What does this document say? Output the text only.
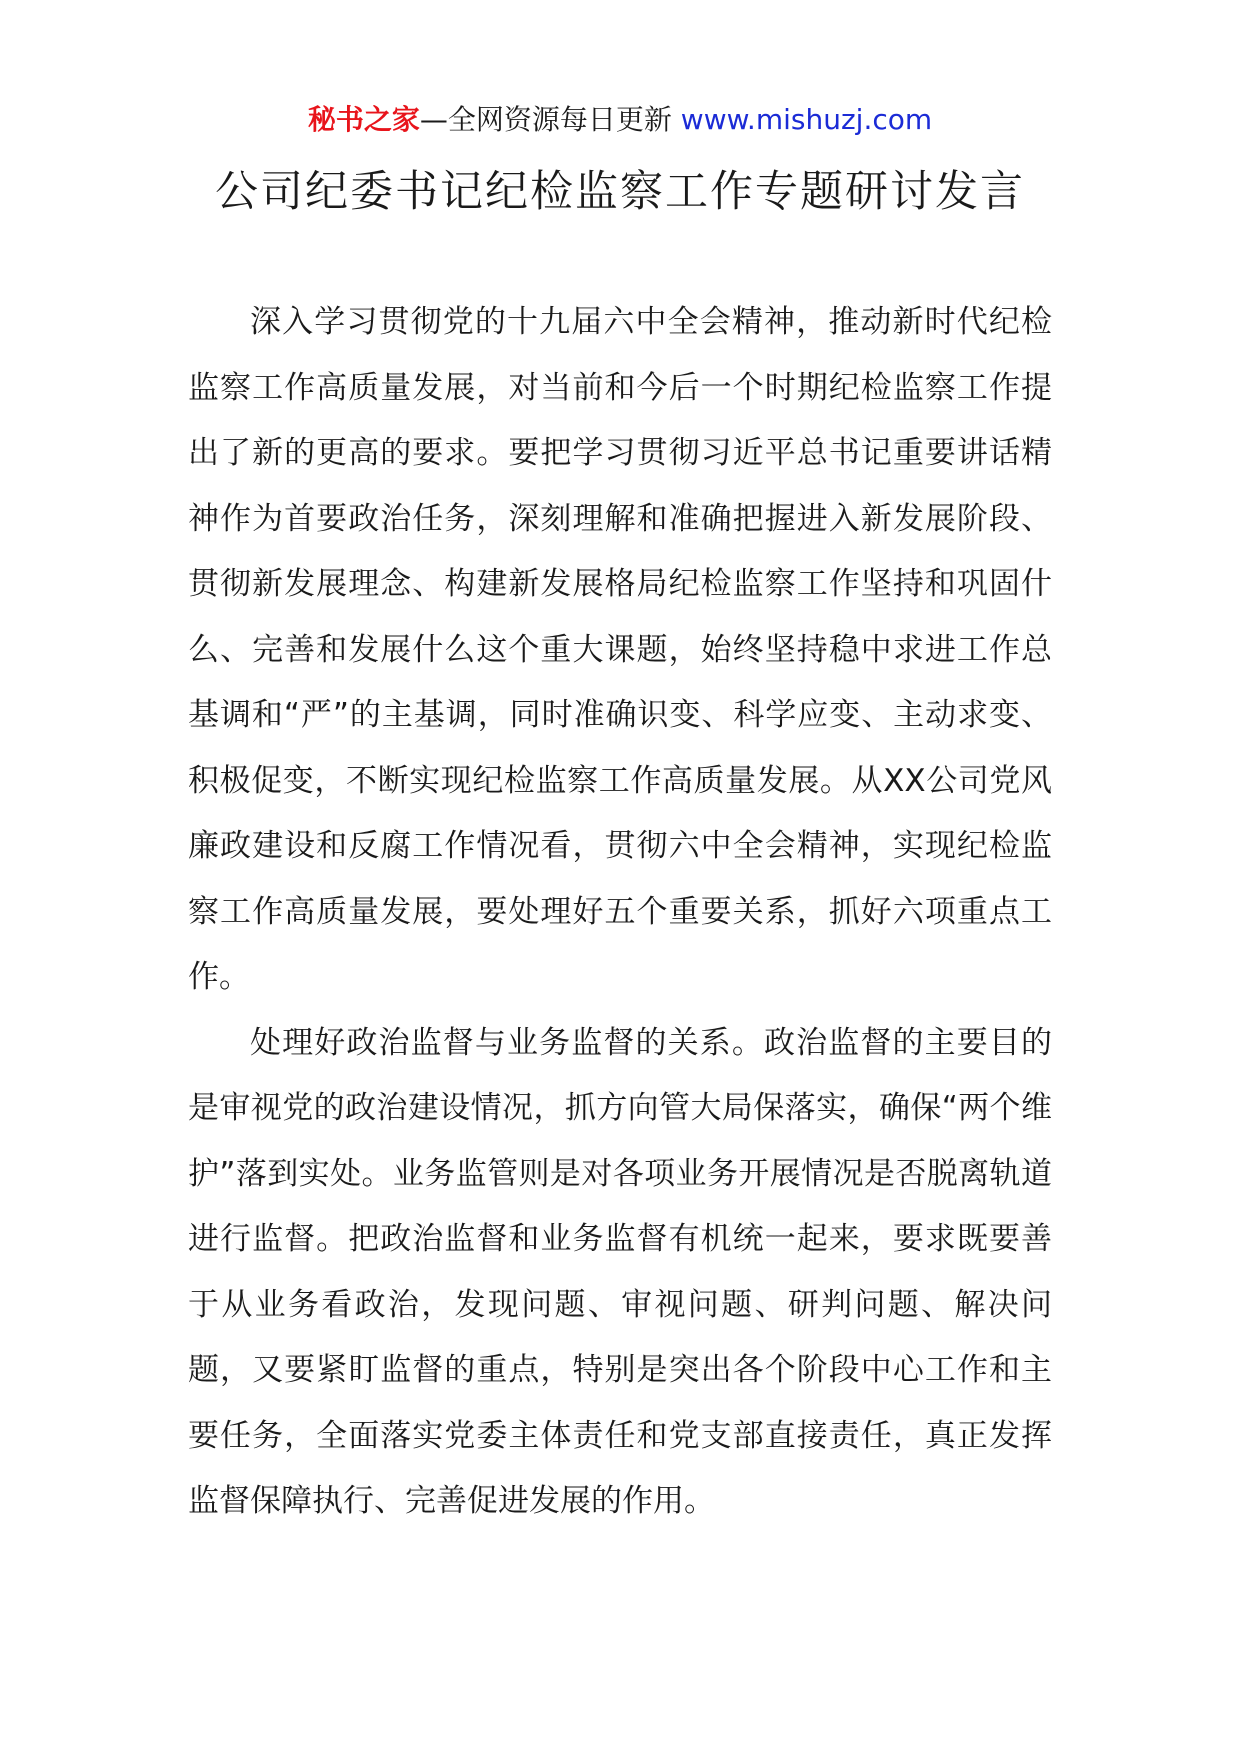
秘书之家—全网资源每日更新 www.mishuzj.com
公司纪委书记纪检监察工作专题研讨发言

深入学习贯彻党的十九届六中全会精神，推动新时代纪检监察工作高质量发展，对当前和今后一个时期纪检监察工作提出了新的更高的要求。要把学习贯彻习近平总书记重要讲话精神作为首要政治任务，深刻理解和准确把握进入新发展阶段、贯彻新发展理念、构建新发展格局纪检监察工作坚持和巩固什么、完善和发展什么这个重大课题，始终坚持稳中求进工作总基调和“严”的主基调，同时准确识变、科学应变、主动求变、积极促变，不断实现纪检监察工作高质量发展。从XX公司党风廉政建设和反腐工作情况看，贯彻六中全会精神，实现纪检监察工作高质量发展，要处理好五个重要关系，抓好六项重点工作。

处理好政治监督与业务监督的关系。政治监督的主要目的是审视党的政治建设情况，抓方向管大局保落实，确保“两个维护”落到实处。业务监管则是对各项业务开展情况是否脱离轨道进行监督。把政治监督和业务监督有机统一起来，要求既要善于从业务看政治，发现问题、审视问题、研判问题、解决问题，又要紧盯监督的重点，特别是突出各个阶段中心工作和主要任务，全面落实党委主体责任和党支部直接责任，真正发挥监督保障执行、完善促进发展的作用。
